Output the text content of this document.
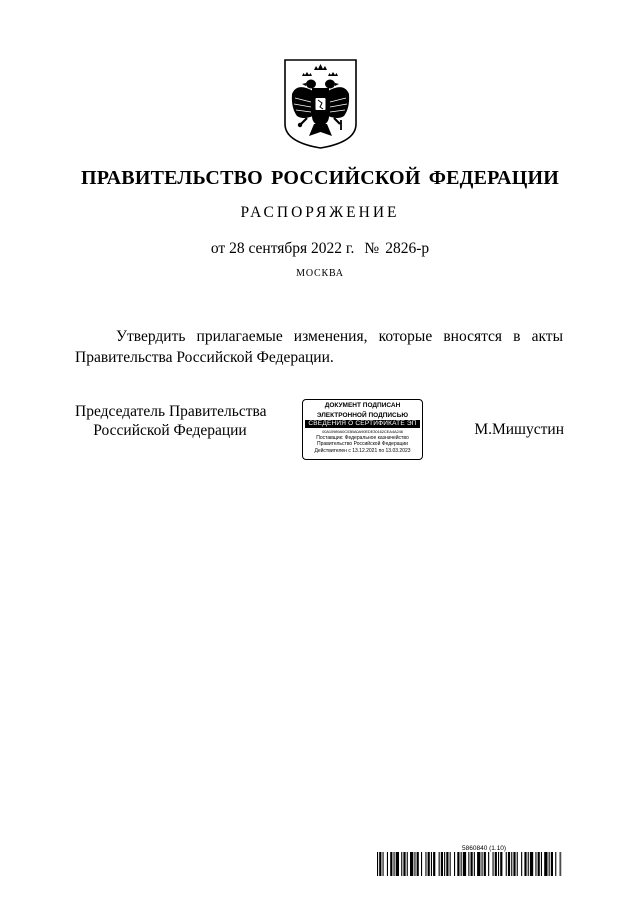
ПРАВИТЕЛЬСТВО РОССИЙСКОЙ ФЕДЕРАЦИИ
РАСПОРЯЖЕНИЕ
от 28 сентября 2022 г. № 2826-р
МОСКВА

Утвердить прилагаемые изменения, которые вносятся в акты Правительства Российской Федерации.

Председатель Правительства
Российской Федерации
ДОКУМЕНТ ПОДПИСАН
ЭЛЕКТРОННОЙ ПОДПИСЬЮ
СВЕДЕНИЯ О СЕРТИФИКАТЕ ЭП
00A10989A0C03BA0A90EDE30162CEA4A246
Поставщик: Федеральное казначейство
Правительство Российской Федерации
Действителен с 13.12.2021 по 13.03.2023
М.Мишустин
5860840 (1.10)
